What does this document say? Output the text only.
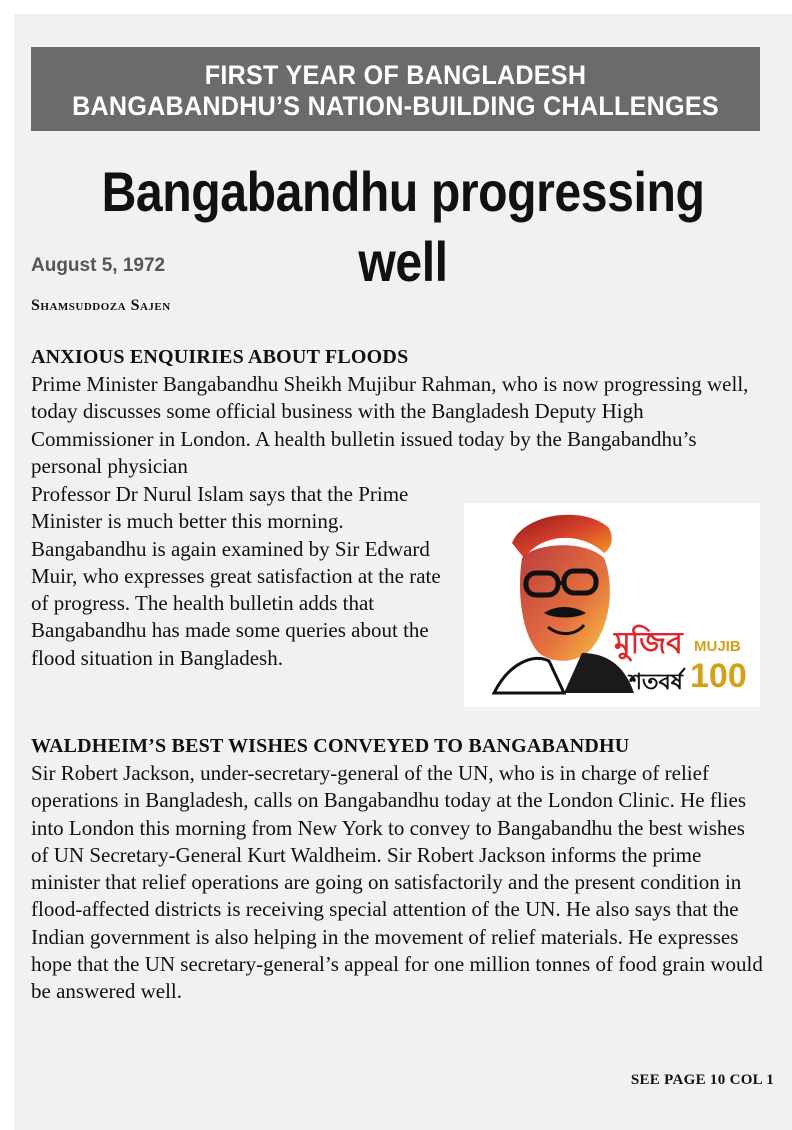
FIRST YEAR OF BANGLADESH
BANGABANDHU’S NATION-BUILDING CHALLENGES
Bangabandhu progressing well
August 5, 1972
Shamsuddoza Sajen
ANXIOUS ENQUIRIES ABOUT FLOODS
Prime Minister Bangabandhu Sheikh Mujibur Rahman, who is now progressing well, today discusses some official business with the Bangladesh Deputy High Commissioner in London. A health bulletin issued today by the Bangabandhu’s personal physician
Professor Dr Nurul Islam says that the Prime Minister is much better this morning. Bangabandhu is again examined by Sir Edward Muir, who expresses great satisfaction at the rate of progress. The health bulletin adds that Bangabandhu has made some queries about the flood situation in Bangladesh.	মুজিব
শতবর্ষ
MUJIB
100
WALDHEIM’S BEST WISHES CONVEYED TO BANGABANDHU
Sir Robert Jackson, under-secretary-general of the UN, who is in charge of relief operations in Bangladesh, calls on Bangabandhu today at the London Clinic. He flies into London this morning from New York to convey to Bangabandhu the best wishes of UN Secretary-General Kurt Waldheim. Sir Robert Jackson informs the prime minister that relief operations are going on satisfactorily and the present condition in flood-affected districts is receiving special attention of the UN. He also says that the Indian government is also helping in the movement of relief materials. He expresses hope that the UN secretary-general’s appeal for one million tonnes of food grain would be answered well.
SEE PAGE 10 COL 1
